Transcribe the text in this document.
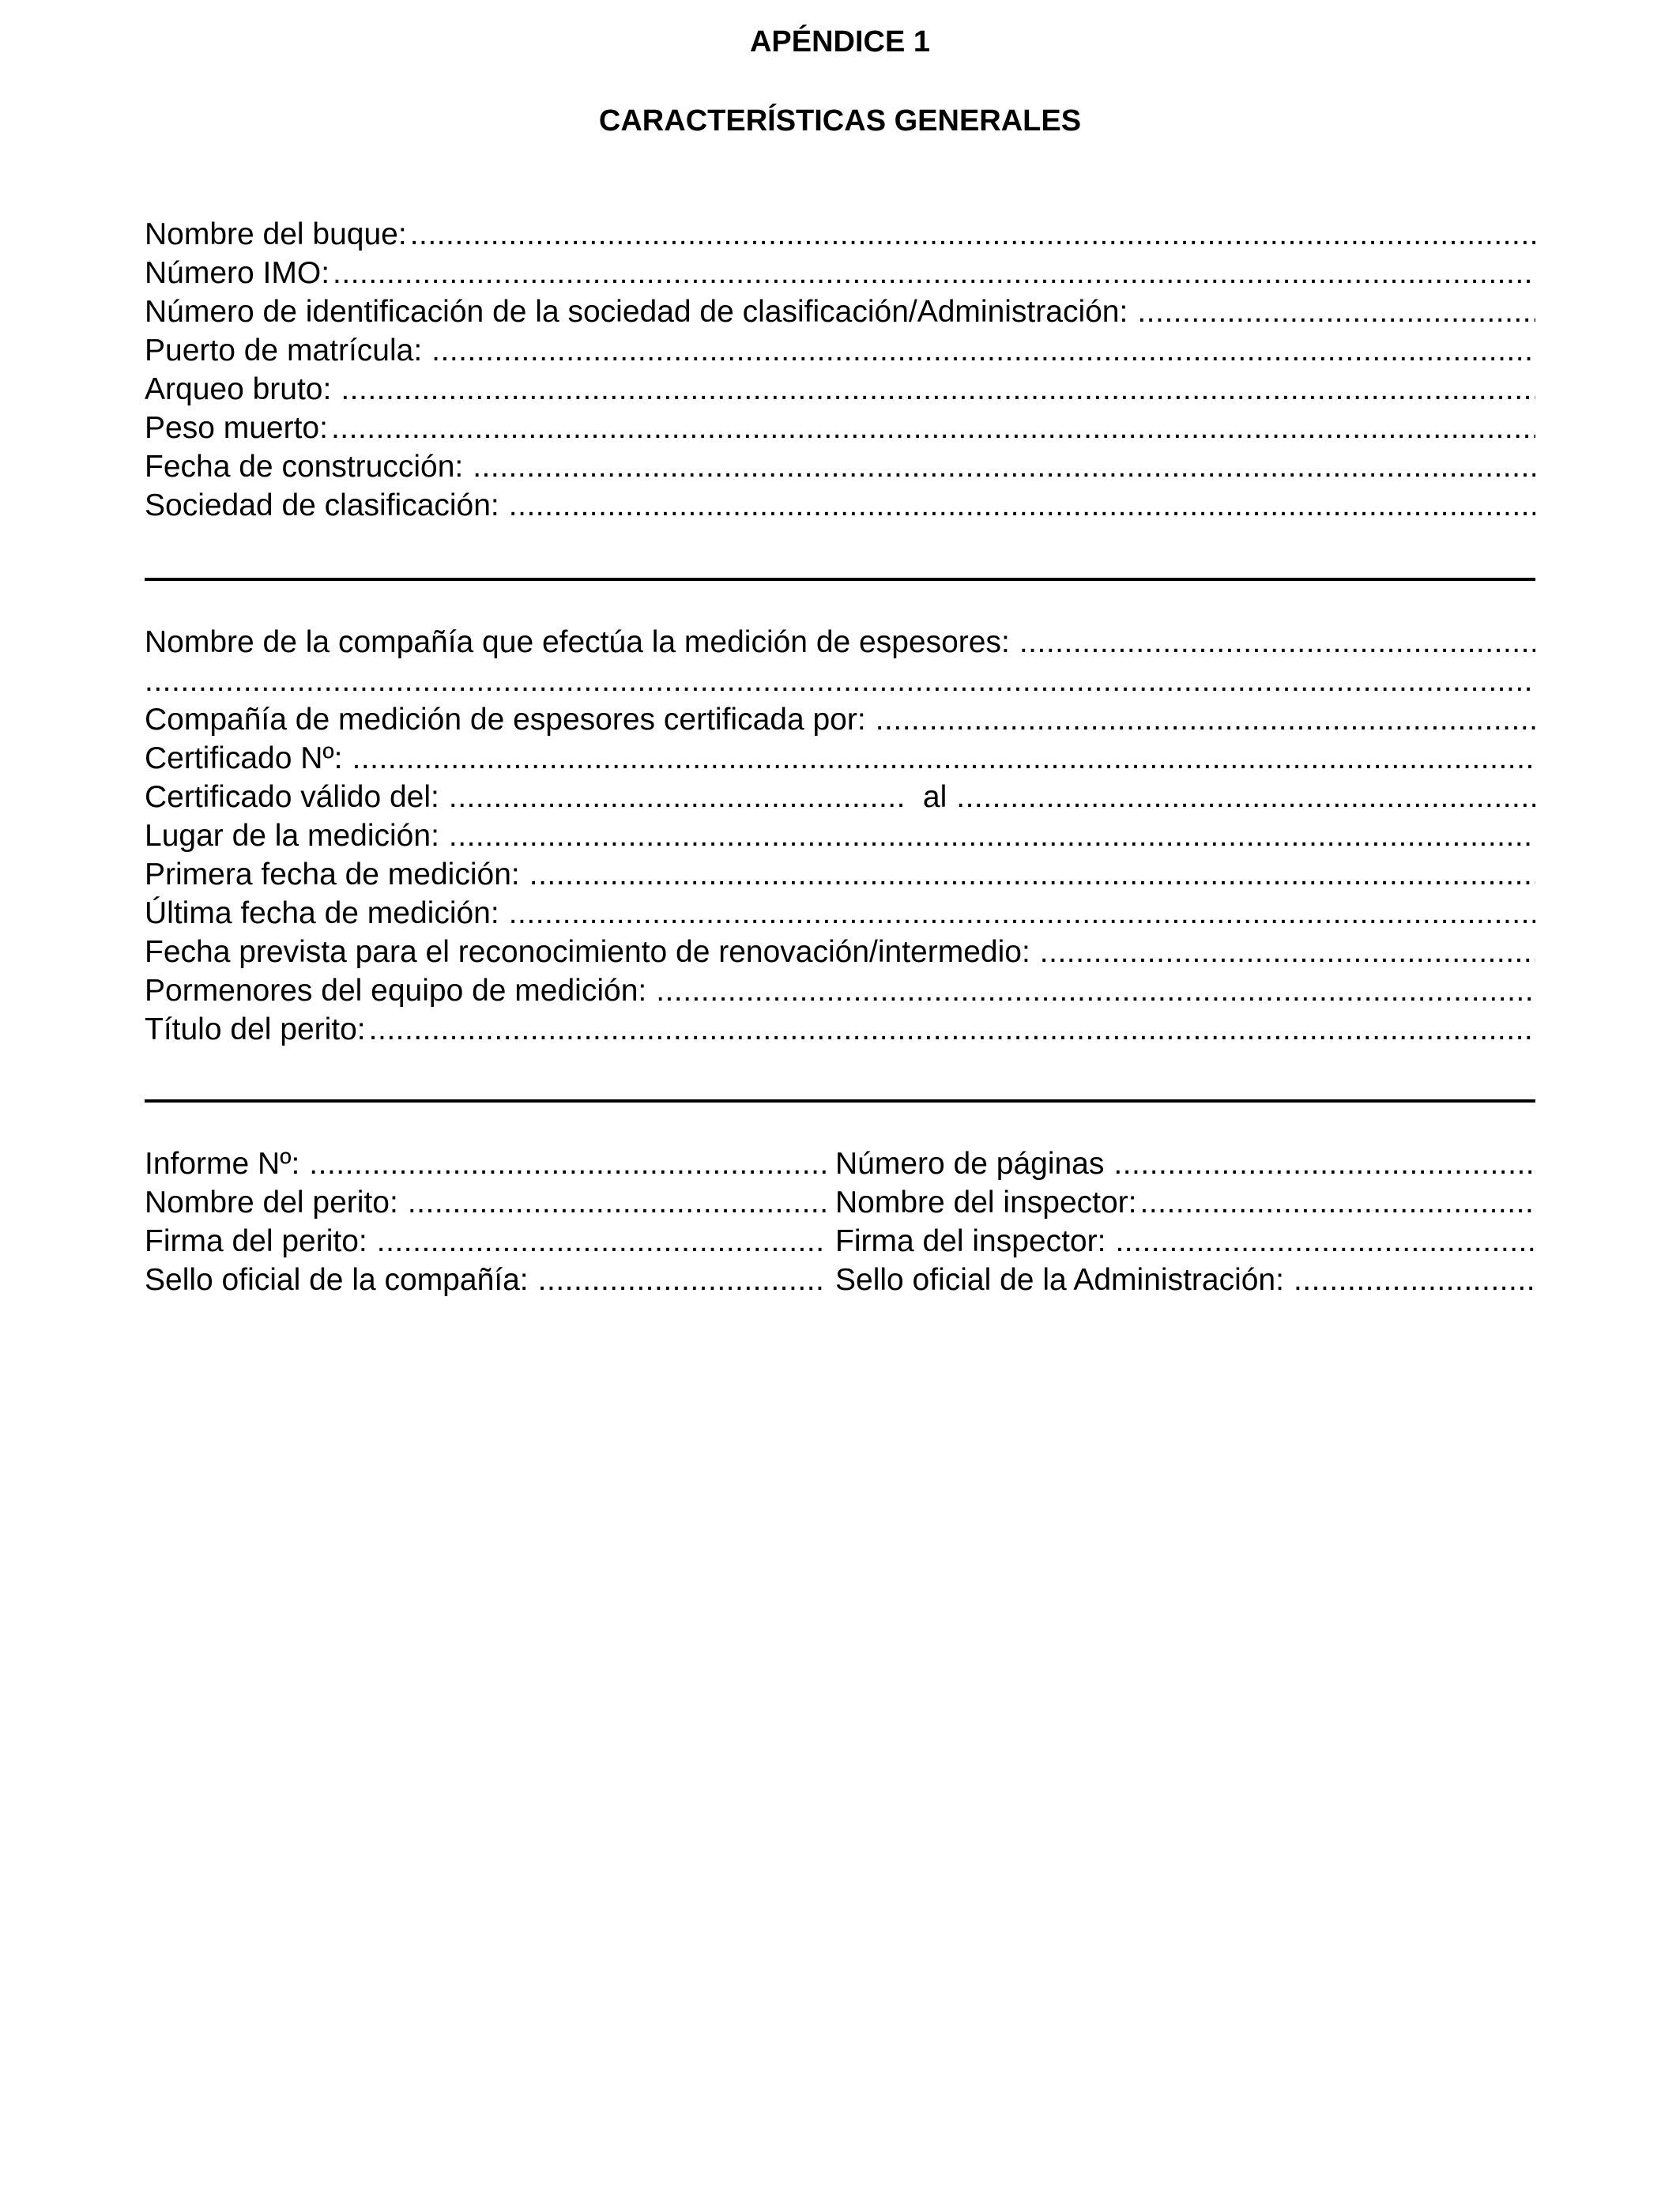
APÉNDICE 1
CARACTERÍSTICAS GENERALES
Nombre del buque:
.....
Número IMO:
.....
Número de identificación de la sociedad de clasificación/Administración:
.....
Puerto de matrícula:
.....
Arqueo bruto:
.....
Peso muerto:
.....
Fecha de construcción:
.....
Sociedad de clasificación:
.....
Nombre de la compañía que efectúa la medición de espesores:
.....
.....
Compañía de medición de espesores certificada por:
.....
Certificado Nº:
.....
Certificado válido del: .....	al
.....
Lugar de la medición:
.....
Primera fecha de medición:
.....
Última fecha de medición:
.....
Fecha prevista para el reconocimiento de renovación/intermedio:
.....
Pormenores del equipo de medición:
.....
Título del perito:
.....
Informe Nº: .....	Número de páginas
.....
Nombre del perito: .....	Nombre del inspector:
.....
Firma del perito: .....	Firma del inspector:
.....
Sello oficial de la compañía: .....	Sello oficial de la Administración:
.....
